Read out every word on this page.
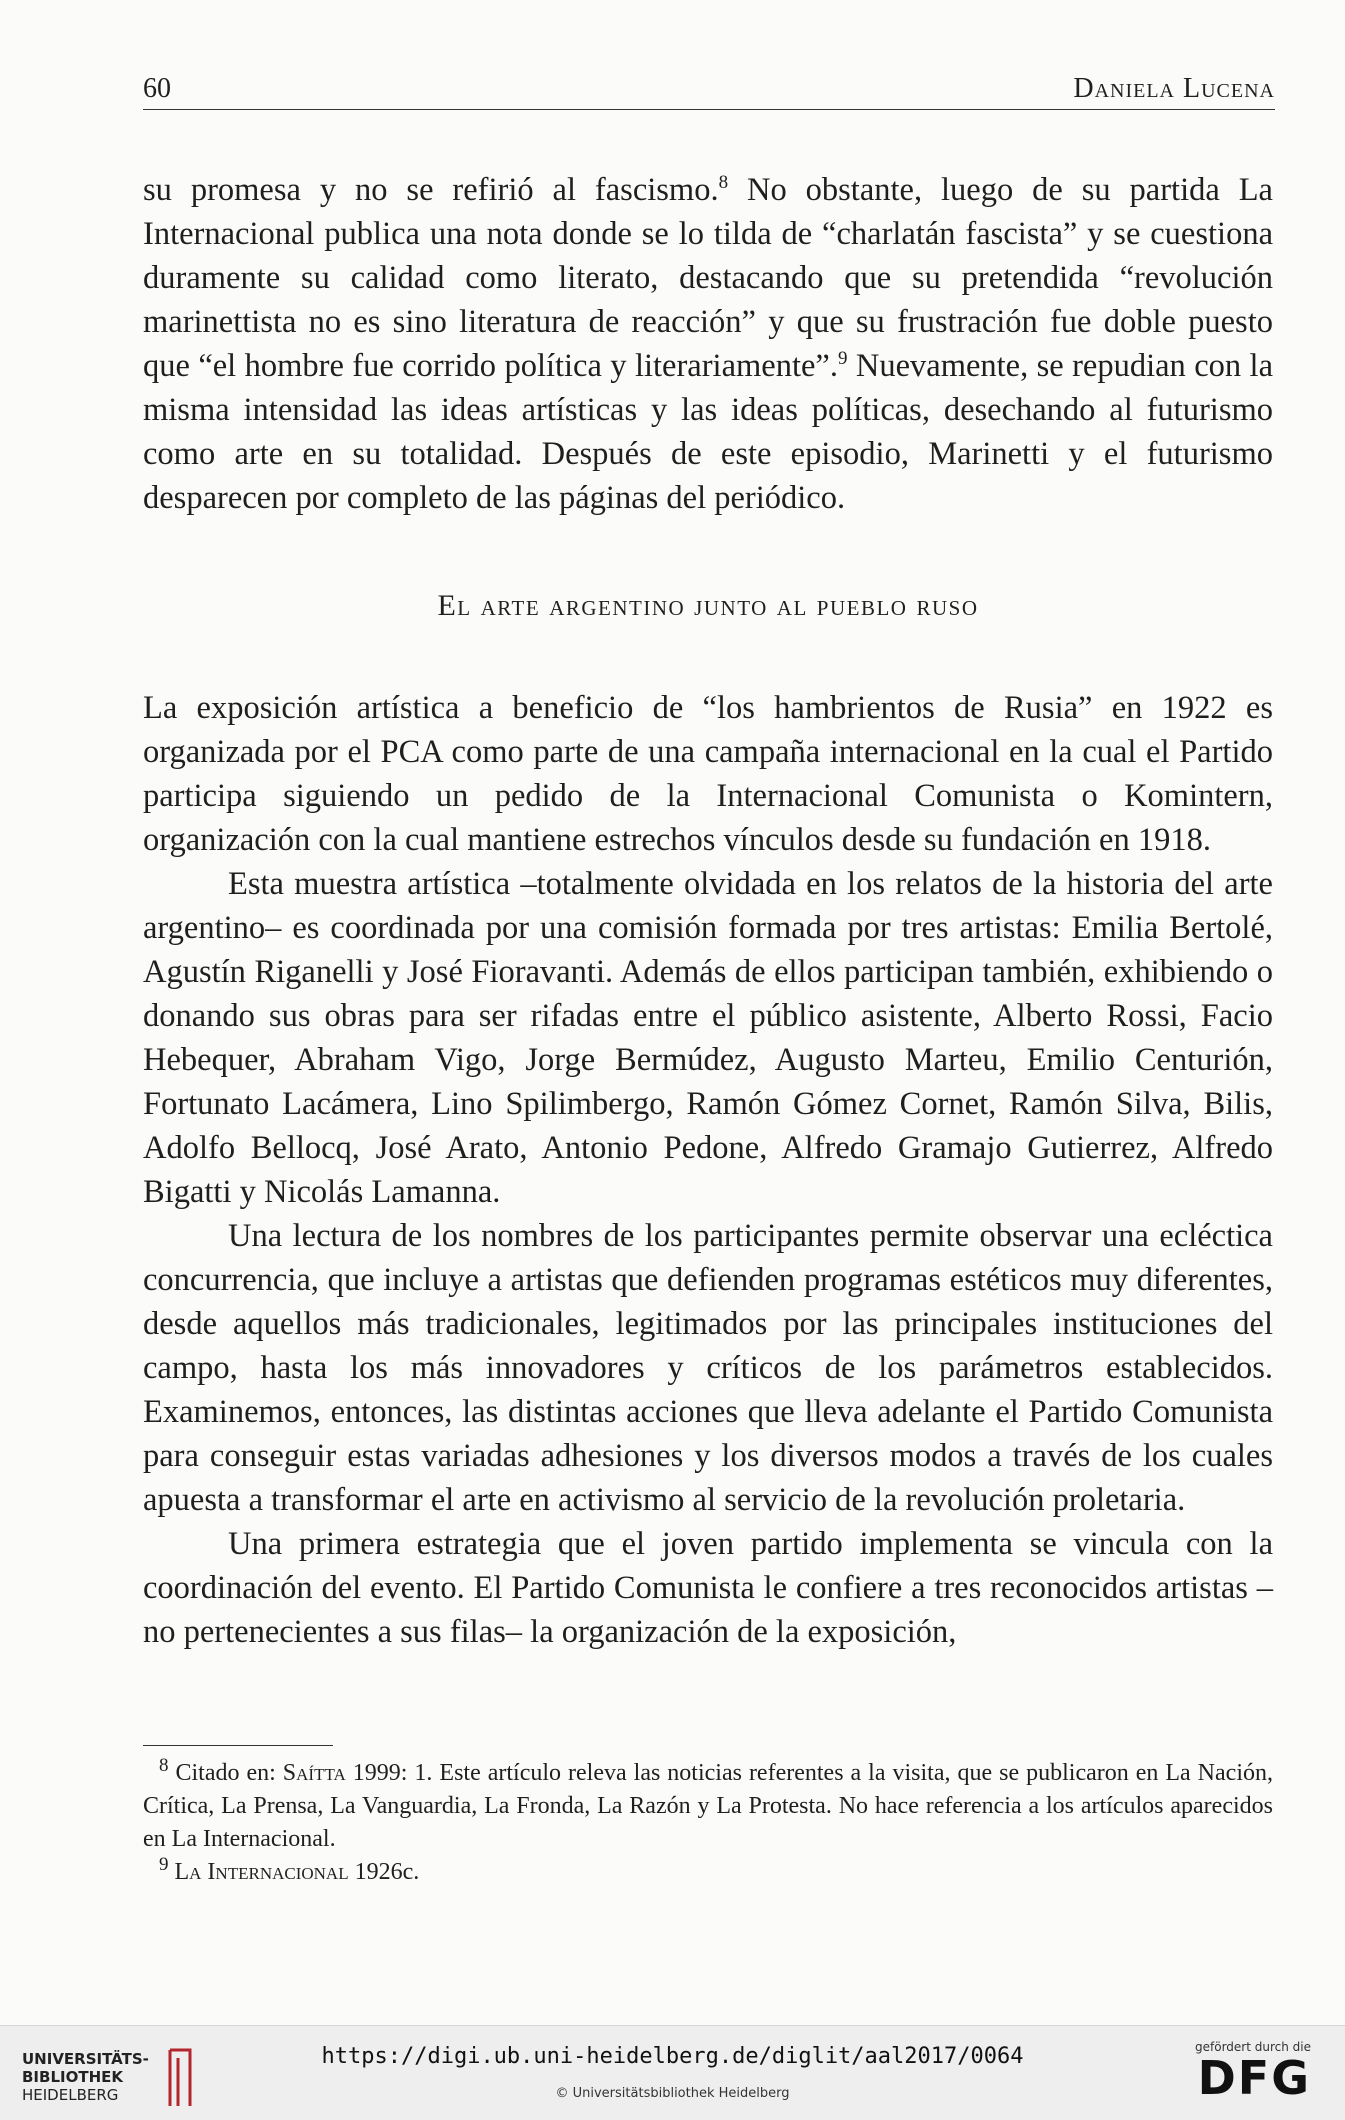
60	Daniela Lucena

su promesa y no se refirió al fascismo.$^8$ No obstante, luego de su partida La Internacional publica una nota donde se lo tilda de “charlatán fascista” y se cuestiona duramente su calidad como literato, destacando que su pretendida “revolución marinettista no es sino literatura de reacción” y que su frustración fue doble puesto que “el hombre fue corrido política y literariamente”.$^9$ Nuevamente, se repudian con la misma intensidad las ideas artísticas y las ideas políticas, desechando al futurismo como arte en su totalidad. Después de este episodio, Marinetti y el futurismo desparecen por completo de las páginas del periódico.

El arte argentino junto al pueblo ruso

La exposición artística a beneficio de “los hambrientos de Rusia” en 1922 es organizada por el PCA como parte de una campaña internacional en la cual el Partido participa siguiendo un pedido de la Internacional Comunista o Komintern, organización con la cual mantiene estrechos vínculos desde su fundación en 1918.

Esta muestra artística –totalmente olvidada en los relatos de la historia del arte argentino– es coordinada por una comisión formada por tres artistas: Emilia Bertolé, Agustín Riganelli y José Fioravanti. Además de ellos participan también, exhibiendo o donando sus obras para ser rifadas entre el público asistente, Alberto Rossi, Facio Hebequer, Abraham Vigo, Jorge Bermúdez, Augusto Marteu, Emilio Centurión, Fortunato Lacámera, Lino Spilimbergo, Ramón Gómez Cornet, Ramón Silva, Bilis, Adolfo Bellocq, José Arato, Antonio Pedone, Alfredo Gramajo Gutierrez, Alfredo Bigatti y Nicolás Lamanna.

Una lectura de los nombres de los participantes permite observar una ecléctica concurrencia, que incluye a artistas que defienden programas estéticos muy diferentes, desde aquellos más tradicionales, legitimados por las principales instituciones del campo, hasta los más innovadores y críticos de los parámetros establecidos. Examinemos, entonces, las distintas acciones que lleva adelante el Partido Comunista para conseguir estas variadas adhesiones y los diversos modos a través de los cuales apuesta a transformar el arte en activismo al servicio de la revolución proletaria.

Una primera estrategia que el joven partido implementa se vincula con la coordinación del evento. El Partido Comunista le confiere a tres reconocidos artistas –no pertenecientes a sus filas– la organización de la exposición,

$^8$ Citado en: Saítta 1999: 1. Este artículo releva las noticias referentes a la visita, que se publicaron en La Nación, Crítica, La Prensa, La Vanguardia, La Fronda, La Razón y La Protesta. No hace referencia a los artículos aparecidos en La Internacional.

$^9$ La Internacional 1926c.

UNIVERSITÄTS-
BIBLIOTHEK
HEIDELBERG
https://digi.ub.uni-heidelberg.de/diglit/aal2017/0064
© Universitätsbibliothek Heidelberg
gefördert durch die
DFG
